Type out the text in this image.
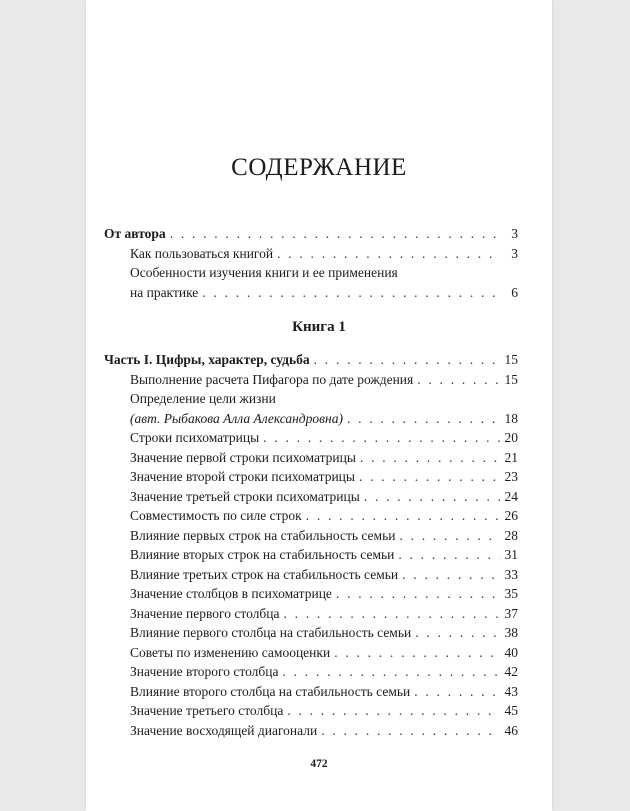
СОДЕРЖАНИЕ
От автора . . .	3
Как пользоваться книгой . . .	3
Особенности изучения книги и ее применения
на практике . . .	6
Книга 1
Часть I. Цифры, характер, судьба . . .	15
Выполнение расчета Пифагора по дате рождения . . .	15
Определение цели жизни
(авт. Рыбакова Алла Александровна) . . .	18
Строки психоматрицы . . .	20
Значение первой строки психоматрицы . . .	21
Значение второй строки психоматрицы . . .	23
Значение третьей строки психоматрицы . . .	24
Совместимость по силе строк . . .	26
Влияние первых строк на стабильность семьи . . .	28
Влияние вторых строк на стабильность семьи . . .	31
Влияние третьих строк на стабильность семьи . . .	33
Значение столбцов в психоматрице . . .	35
Значение первого столбца . . .	37
Влияние первого столбца на стабильность семьи . . .	38
Советы по изменению самооценки . . .	40
Значение второго столбца . . .	42
Влияние второго столбца на стабильность семьи . . .	43
Значение третьего столбца . . .	45
Значение восходящей диагонали . . .	46
472
